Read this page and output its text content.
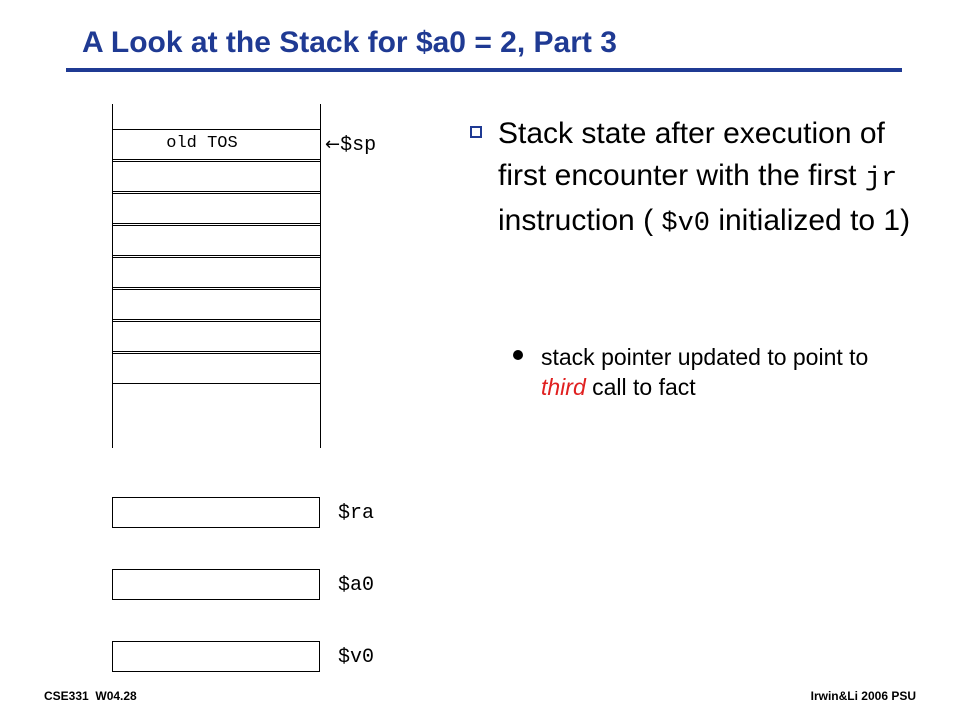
A Look at the Stack for $a0 = 2, Part 3
old TOS	←$sp
$ra
$a0
$v0
Stack state after execution of first encounter with the first jr instruction ( $v0 initialized to 1)
stack pointer updated to point to third call to fact
CSE331  W04.28	Irwin&Li 2006 PSU
